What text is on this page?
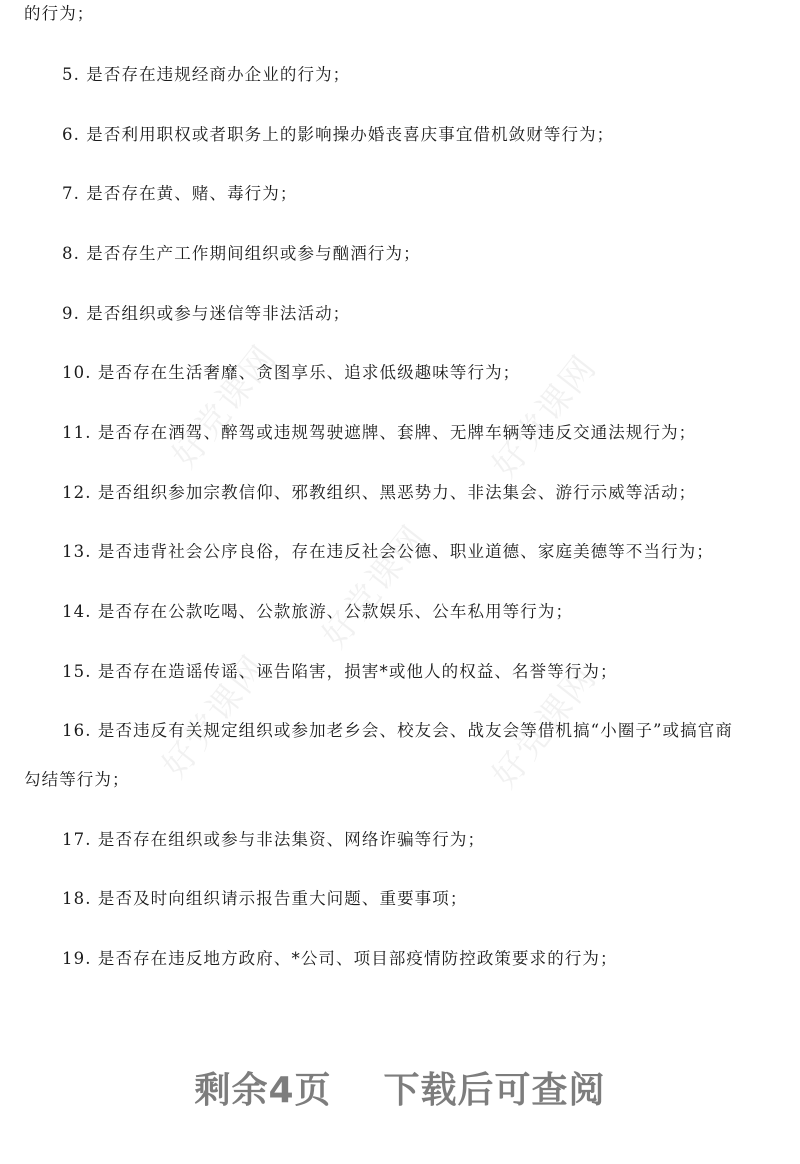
好党课网	好党课网
好党课网
好党课网	好党课网
的行为；
5. 是否存在违规经商办企业的行为；
6. 是否利用职权或者职务上的影响操办婚丧喜庆事宜借机敛财等行为；
7. 是否存在黄、赌、毒行为；
8. 是否存生产工作期间组织或参与酗酒行为；
9. 是否组织或参与迷信等非法活动；
10. 是否存在生活奢靡、贪图享乐、追求低级趣味等行为；
11. 是否存在酒驾、醉驾或违规驾驶遮牌、套牌、无牌车辆等违反交通法规行为；
12. 是否组织参加宗教信仰、邪教组织、黑恶势力、非法集会、游行示威等活动；
13. 是否违背社会公序良俗，存在违反社会公德、职业道德、家庭美德等不当行为；
14. 是否存在公款吃喝、公款旅游、公款娱乐、公车私用等行为；
15. 是否存在造谣传谣、诬告陷害，损害*或他人的权益、名誉等行为；
16. 是否违反有关规定组织或参加老乡会、校友会、战友会等借机搞“小圈子”或搞官商
勾结等行为；
17. 是否存在组织或参与非法集资、网络诈骗等行为；
18. 是否及时向组织请示报告重大问题、重要事项；
19. 是否存在违反地方政府、*公司、项目部疫情防控政策要求的行为；
剩余4页 下载后可查阅
